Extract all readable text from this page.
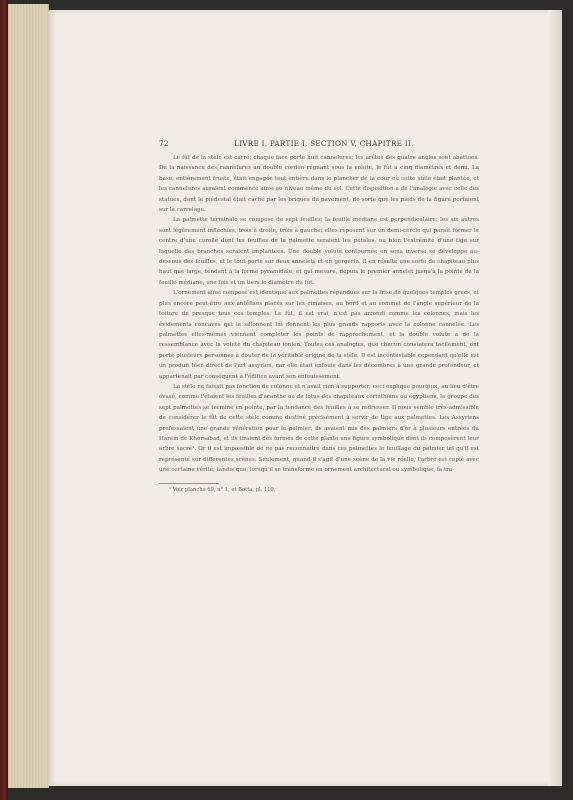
72	LIVRE I, PARTIE I, SECTION V, CHAPITRE II.

Le fût de la stèle est carré; chaque face porte huit cannelures; les arêtes des quatre angles sont abattues. De la naissance des cannelures au double cordon régnant sous la volute, le fût a cinq diamètres et demi. La base, entièrement fruste, était engagée tout entière dans le plancher de la cour où cette stèle était plantée, et les cannelures auraient commencé ainsi au niveau même du sol. Cette disposition a de l'analogie avec celle des statues, dont le piédestal était caché par les briques du pavement, de sorte que les pieds de la figure portaient sur le carrelage.

La palmette terminale se compose de sept feuilles; la feuille médiane est perpendiculaire; les six autres sont légèrement infléchies, trois à droite, trois à gauche; elles reposent sur un demi-cercle qui paraît former le centre d'une corolle dont les feuilles de la palmette seraient les pétales, ou bien l'extrémité d'une tige sur laquelle des branches seraient implantées. Une double volute contournée en sens inverse se développe au-dessous des feuilles, et le tout porte sur deux annelets et un gorgerin. Il en résulte une sorte de chapiteau plus haut que large, tendant à la forme pyramidale, et qui mesure, depuis le premier annelet jusqu'à la pointe de la feuille médiane, une fois et un tiers le diamètre du fût.

L'ornement ainsi composé est identique aux palmettes répandues sur la frise de quelques temples grecs, et plus encore peut-être aux antéfixes placés sur les cimaises, au bord et au sommet de l'angle supérieur de la toiture de presque tous ces temples. Le fût, il est vrai, n'est pas arrondi comme les colonnes, mais les évidements concaves qui le sillonnent lui donnent les plus grands rapports avec la colonne cannelée. Les palmettes elles-mêmes viennent compléter les points de rapprochement, et la double volute a de la ressemblance avec la volute du chapiteau ionien. Toutes ces analogies, que chacun constatera facilement, ont porté plusieurs personnes à douter de la véritable origine de la stèle. Il est incontestable cependant qu'elle est un produit bien direct de l'art assyrien, car elle était enfouie dans les décombres à une grande profondeur, et appartenait par conséquent à l'édifice avant son enfouissement.

La stèle ne faisait pas fonction de colonne et n'avait rien à supporter; ceci explique pourquoi, au lieu d'être évasé, comme l'étaient les feuilles d'acanthe ou de lotus des chapiteaux corinthiens ou égyptiens, le groupe des sept palmettes se termine en pointe, par la tendance des feuilles à se redresser. Il nous semble très-admissible de considérer le fût de cette stèle comme destiné précisément à servir de tige aux palmettes. Les Assyriens professaient une grande vénération pour le palmier; ils avaient mis des palmiers d'or à plusieurs entrées du Harem de Khorsabad, et ils tiraient des formes de cette plante une figure symbolique dont ils composèrent leur arbre sacré¹. Or il est impossible de ne pas reconnaître dans ces palmettes le feuillage du palmier tel qu'il est représenté sur différentes scènes. Seulement, quand il s'agit d'une scène de la vie réelle, l'arbre est copié avec une certaine vérité; tandis que, lorsqu'il se transforme en ornement architectural ou symbolique, la tra-

¹ Voir planche 69, n° 1, et Botta, pl. 119.
